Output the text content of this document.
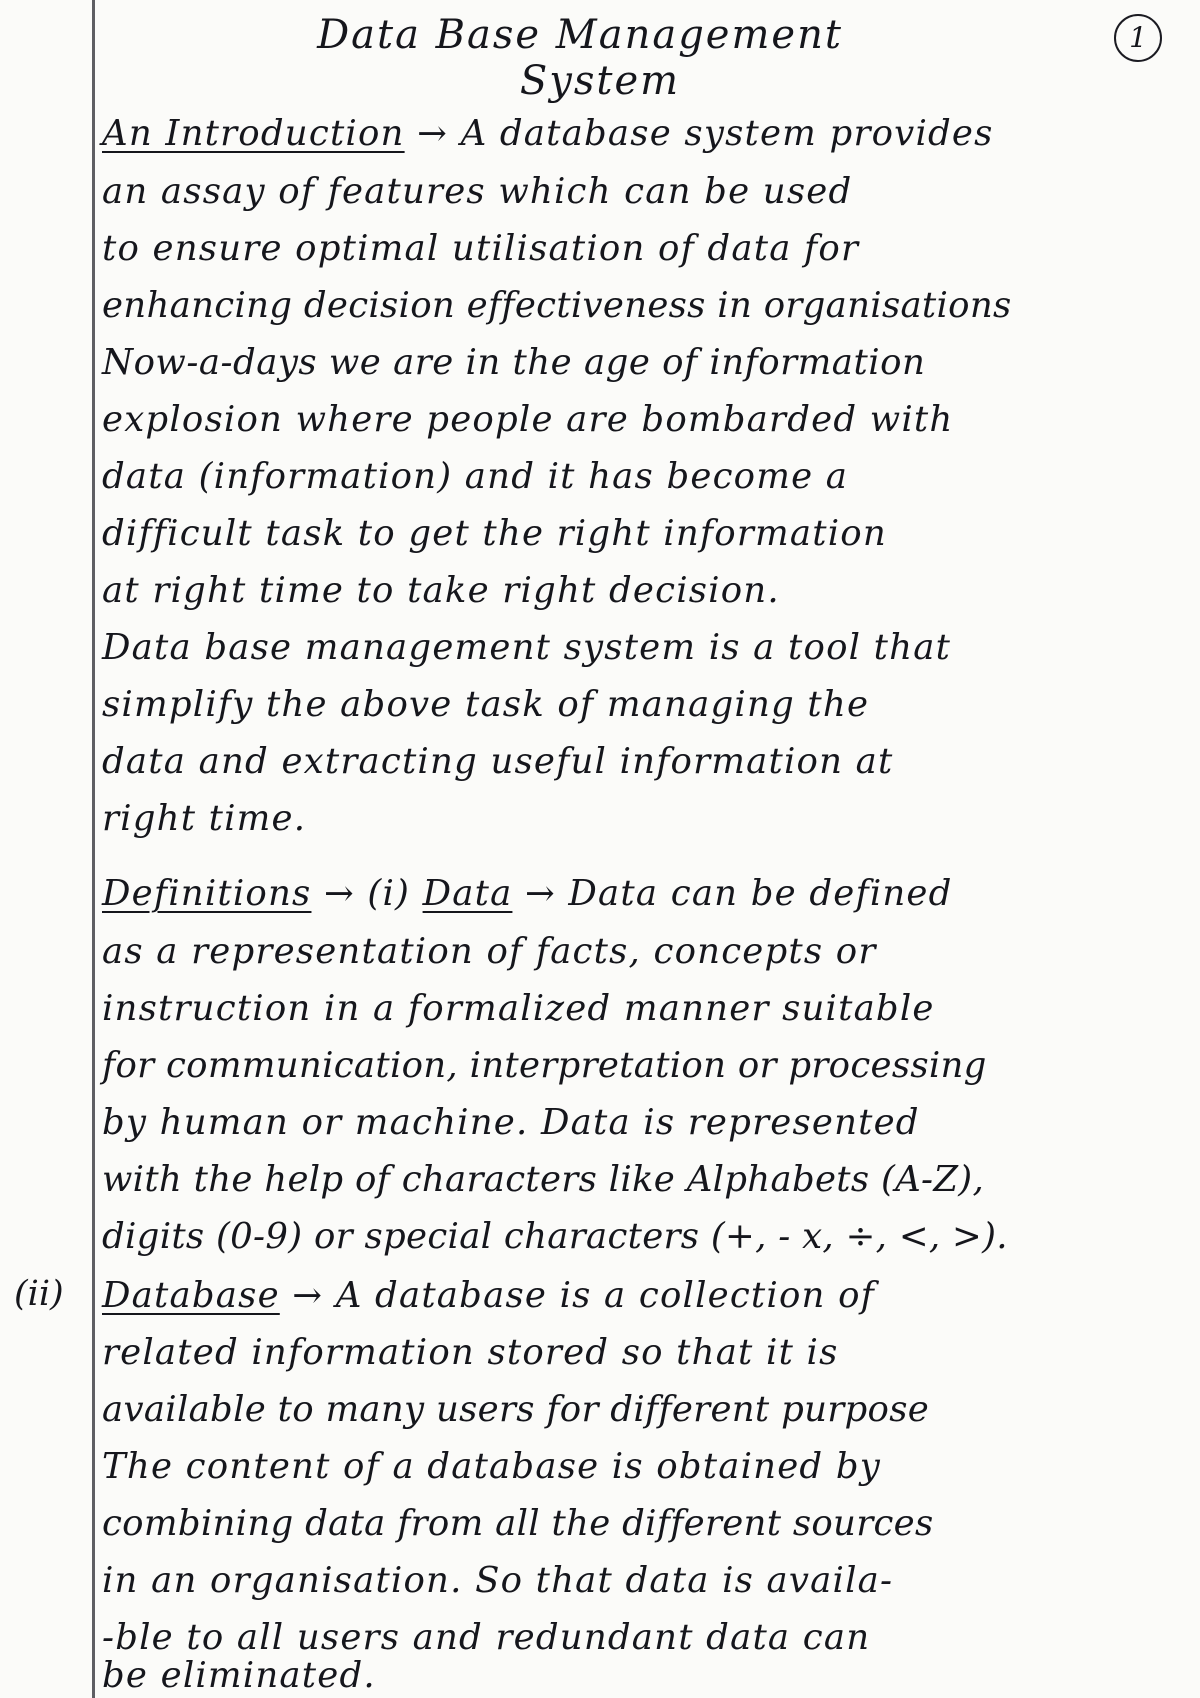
1
Data Base Management
System
An Introduction → A database system provides
an assay of features which can be used
to ensure optimal utilisation of data for
enhancing decision effectiveness in organisations
Now-a-days we are in the age of information
explosion where people are bombarded with
data (information) and it has become a
difficult task to get the right information
at right time to take right decision.
Data base management system is a tool that
simplify the above task of managing the
data and extracting useful information at
right time.
Definitions → (i) Data → Data can be defined
as a representation of facts, concepts or
instruction in a formalized manner suitable
for communication, interpretation or processing
by human or machine. Data is represented
with the help of characters like Alphabets (A-Z),
digits (0-9) or special characters (+, - x, ÷, <, >).
(ii)	Database → A database is a collection of
related information stored so that it is
available to many users for different purpose
The content of a database is obtained by
combining data from all the different sources
in an organisation. So that data is availa-
-ble to all users and redundant data can
be eliminated.
